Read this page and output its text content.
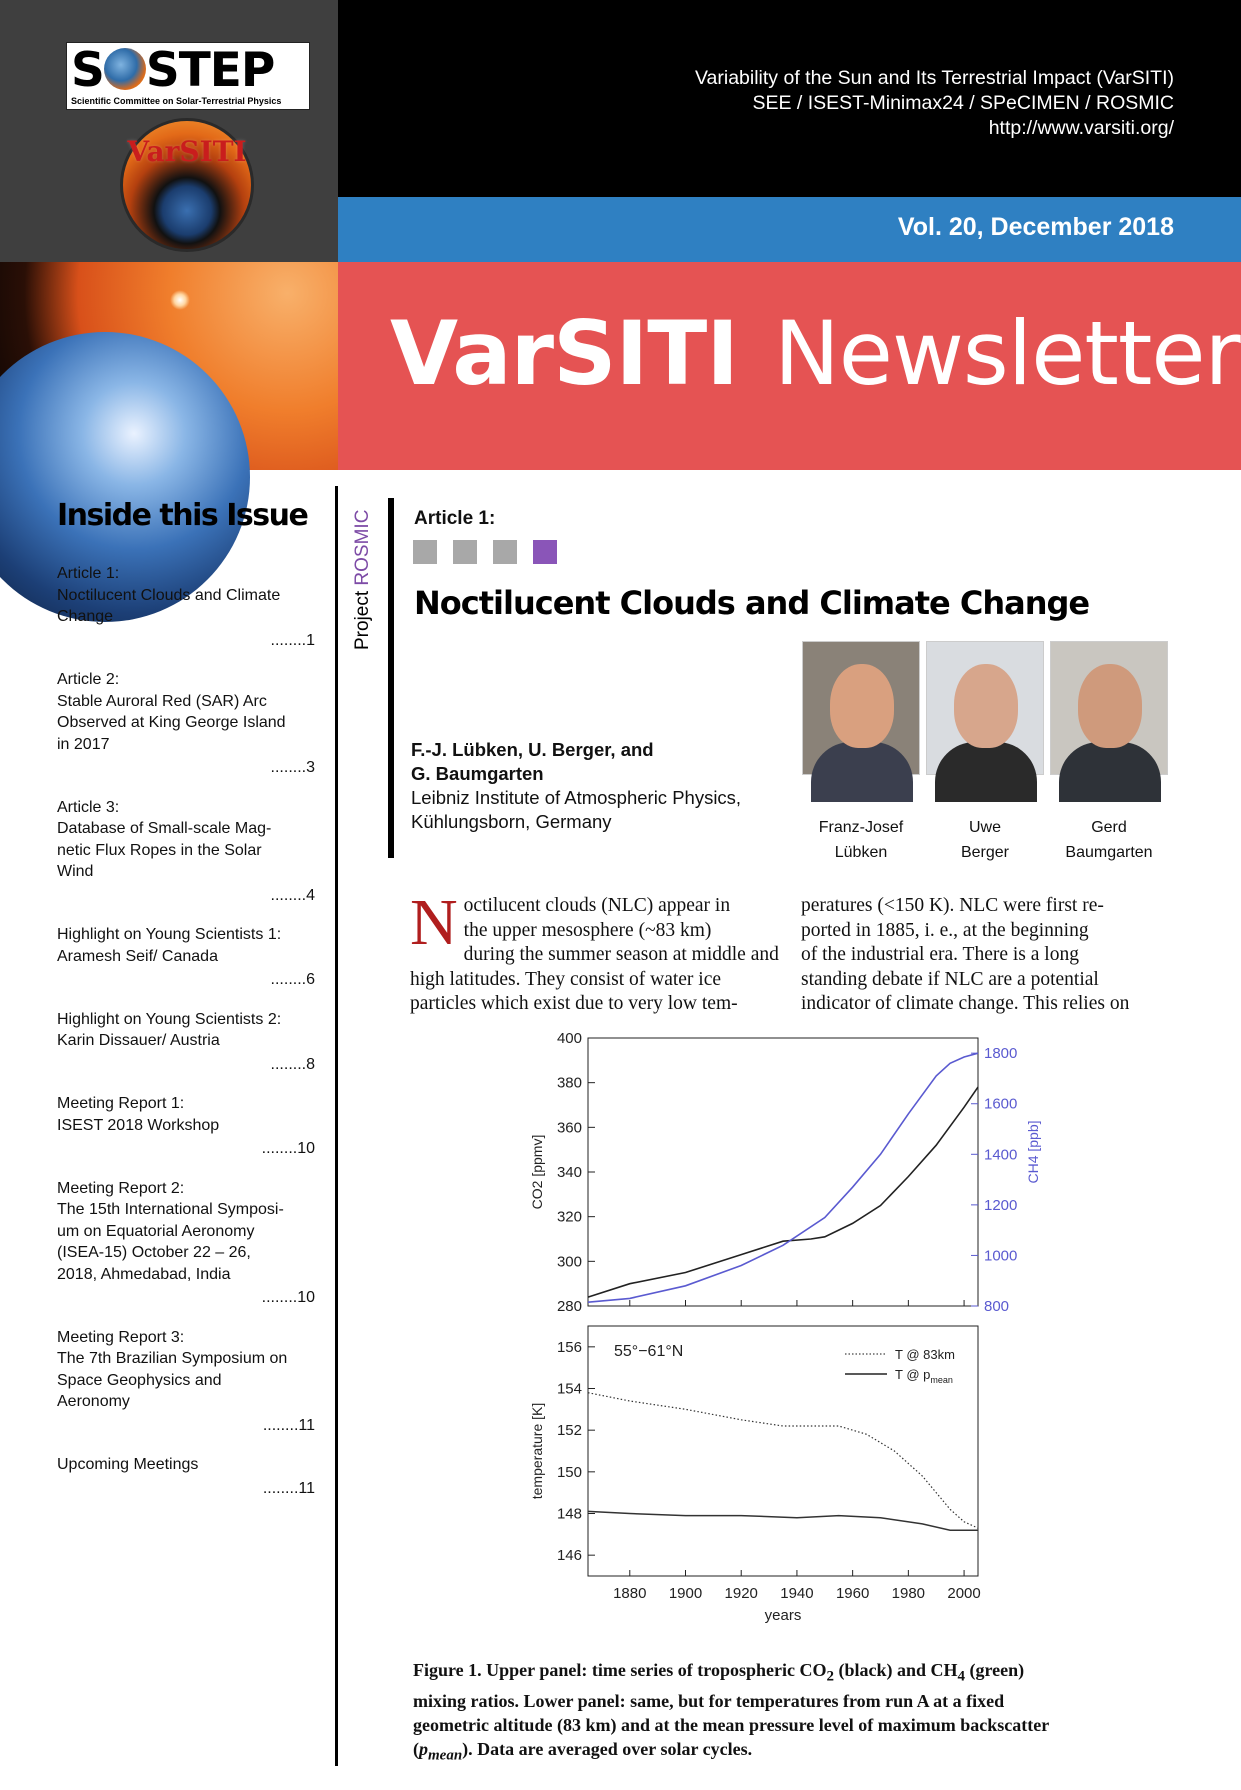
S STEP
Scientific Committee on Solar-Terrestrial Physics
VarSITI
Variability of the Sun and Its Terrestrial Impact (VarSITI)
SEE / ISEST-Minimax24 / SPeCIMEN / ROSMIC
http://www.varsiti.org/
Vol. 20, December 2018
VarSITI Newsletter
Inside this Issue
Article 1:
Noctilucent Clouds and Climate
Change
........1
Article 2:
Stable Auroral Red (SAR) Arc
Observed at King George Island
in 2017
........3
Article 3:
Database of Small-scale Mag-
netic Flux Ropes in the Solar
Wind
........4
Highlight on Young Scientists 1:
Aramesh Seif/ Canada
........6
Highlight on Young Scientists 2:
Karin Dissauer/ Austria
........8
Meeting Report 1:
ISEST 2018 Workshop
........10
Meeting Report 2:
The 15th International Symposi-
um on Equatorial Aeronomy
(ISEA-15) October 22 – 26,
2018, Ahmedabad, India
........10
Meeting Report 3:
The 7th Brazilian Symposium on
Space Geophysics and
Aeronomy
........11
Upcoming Meetings
........11
Project ROSMIC Article 1:
Noctilucent Clouds and Climate Change
F.-J. Lübken, U. Berger, and
G. Baumgarten
Leibniz Institute of Atmospheric Physics,
Kühlungsborn, Germany	Franz-Josef
Lübken
Uwe
Berger
Gerd
Baumgarten
N octilucent clouds (NLC) appear in
the upper mesosphere (~83 km)
during the summer season at middle and
high latitudes. They consist of water ice
particles which exist due to very low tem-
peratures (<150 K). NLC were first re-
ported in 1885, i. e., at the beginning
of the industrial era. There is a long
standing debate if NLC are a potential
indicator of climate change. This relies on
280
300
320
340
360
380
400
800
1000
1200
1400
1600
1800
CO2 [ppmv]	CH4 [ppb]
146
148
150
152
154
156
1880 1900 1920 1940 1960 1980 2000
years
temperature [K]
55°−61°N	T @ 83km
T @ $p_{mean}$
Figure 1. Upper panel: time series of tropospheric $CO_2$ (black) and $CH_4$ (green)
mixing ratios. Lower panel: same, but for temperatures from run A at a fixed
geometric altitude (83 km) and at the mean pressure level of maximum backscatter
$(p_{mean})$. Data are averaged over solar cycles.
